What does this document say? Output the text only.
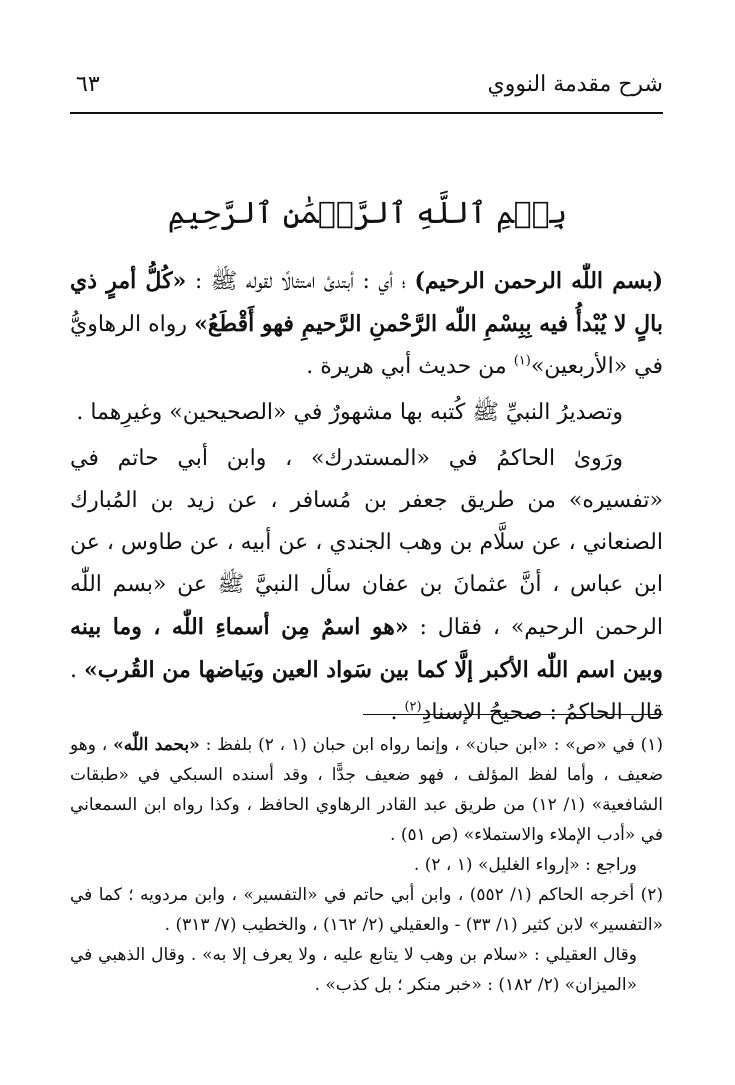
شرح مقدمة النووي
٦٣
بِسۡمِ ٱللَّهِ ٱلرَّحۡمَٰنِ ٱلرَّحِيمِ

(بسم اللّٰه الرحمن الرحيم) ؛ أي : أبتدئ امتثالًا لقوله ﷺ : «كُلُّ أمرٍ ذي بالٍ لا يُبْدأُ فيه بِبِسْمِ اللّٰه الرَّحْمنِ الرَّحيمِ فهو أَقْطَعُ» رواه الرهاويُّ في «الأربعين»$^{(١)}$ من حديث أبي هريرة .

وتصديرُ النبيِّ ﷺ كُتبه بها مشهورٌ في «الصحيحين» وغيرِهما .

ورَوىٰ الحاكمُ في «المستدرك» ، وابن أبي حاتم في «تفسيره» من طريق جعفر بن مُسافر ، عن زيد بن المُبارك الصنعاني ، عن سلَّام بن وهب الجندي ، عن أبيه ، عن طاوس ، عن ابن عباس ، أنَّ عثمانَ بن عفان سأل النبيَّ ﷺ عن «بسم اللّٰه الرحمن الرحيم» ، فقال : «هو اسمٌ مِن أسماءِ اللّٰه ، وما بينه وبين اسم اللّٰه الأكبر إلَّا كما بين سَواد العين وبَياضها من القُرب» . قال الحاكمُ : صحيحُ الإسنادِ$^{(٢)}$ .

(١) في «ص» : «ابن حبان» ، وإنما رواه ابن حبان (١ ، ٢) بلفظ : «بحمد اللّٰه» ، وهو ضعيف ، وأما لفظ المؤلف ، فهو ضعيف جدًّا ، وقد أسنده السبكي في «طبقات الشافعية» (١/ ١٢) من طريق عبد القادر الرهاوي الحافظ ، وكذا رواه ابن السمعاني في «أدب الإملاء والاستملاء» (ص ٥١) .

وراجع : «إرواء الغليل» (١ ، ٢) .

(٢) أخرجه الحاكم (١/ ٥٥٢) ، وابن أبي حاتم في «التفسير» ، وابن مردويه ؛ كما في «التفسير» لابن كثير (١/ ٣٣) - والعقيلي (٢/ ١٦٢) ، والخطيب (٧/ ٣١٣) .

وقال العقيلي : «سلام بن وهب لا يتابع عليه ، ولا يعرف إلا به» . وقال الذهبي في «الميزان» (٢/ ١٨٢) : «خبر منكر ؛ بل كذب» .
